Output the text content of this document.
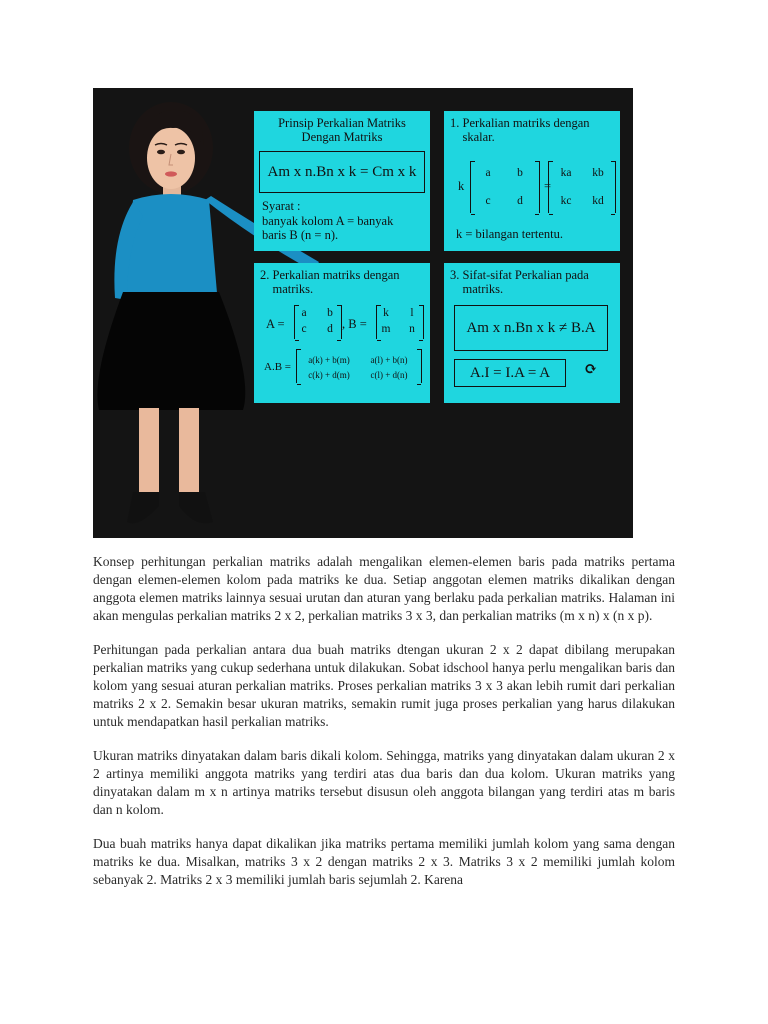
Prinsip Perkalian Matriks
Dengan Matriks
Am x n.Bn x k = Cm x k
Syarat :
banyak kolom A = banyak
baris B (n = n).
1. Perkalian matriks dengan
skalar.
k
a	b
c	d
=
ka	kb
kc	kd
k = bilangan tertentu.
2. Perkalian matriks dengan
matriks.
A =
a	b
c	d , B =
k	l
m	n
A.B =
a(k) + b(m)	a(l) + b(n)
c(k) + d(m)	c(l) + d(n)
3. Sifat-sifat Perkalian pada
matriks.
Am x n.Bn x k ≠ B.A
A.I = I.A = A ⟳

Konsep perhitungan perkalian matriks adalah mengalikan elemen-elemen baris pada matriks pertama dengan elemen-elemen kolom pada matriks ke dua. Setiap anggotan elemen matriks dikalikan dengan anggota elemen matriks lainnya sesuai urutan dan aturan yang berlaku pada perkalian matriks. Halaman ini akan mengulas perkalian matriks 2 x 2, perkalian matriks 3 x 3, dan perkalian matriks (m x n) x (n x p).

Perhitungan pada perkalian antara dua buah matriks dtengan ukuran 2 x 2 dapat dibilang merupakan perkalian matriks yang cukup sederhana untuk dilakukan. Sobat idschool hanya perlu mengalikan baris dan kolom yang sesuai aturan perkalian matriks. Proses perkalian matriks 3 x 3 akan lebih rumit dari perkalian matriks 2 x 2. Semakin besar ukuran matriks, semakin rumit juga proses perkalian yang harus dilakukan untuk mendapatkan hasil perkalian matriks.

Ukuran matriks dinyatakan dalam baris dikali kolom. Sehingga, matriks yang dinyatakan dalam ukuran 2 x 2 artinya memiliki anggota matriks yang terdiri atas dua baris dan dua kolom. Ukuran matriks yang dinyatakan dalam m x n artinya matriks tersebut disusun oleh anggota bilangan yang terdiri atas m baris dan n kolom.

Dua buah matriks hanya dapat dikalikan jika matriks pertama memiliki jumlah kolom yang sama dengan matriks ke dua. Misalkan, matriks 3 x 2 dengan matriks 2 x 3. Matriks 3 x 2 memiliki jumlah kolom sebanyak 2. Matriks 2 x 3 memiliki jumlah baris sejumlah 2. Karena
